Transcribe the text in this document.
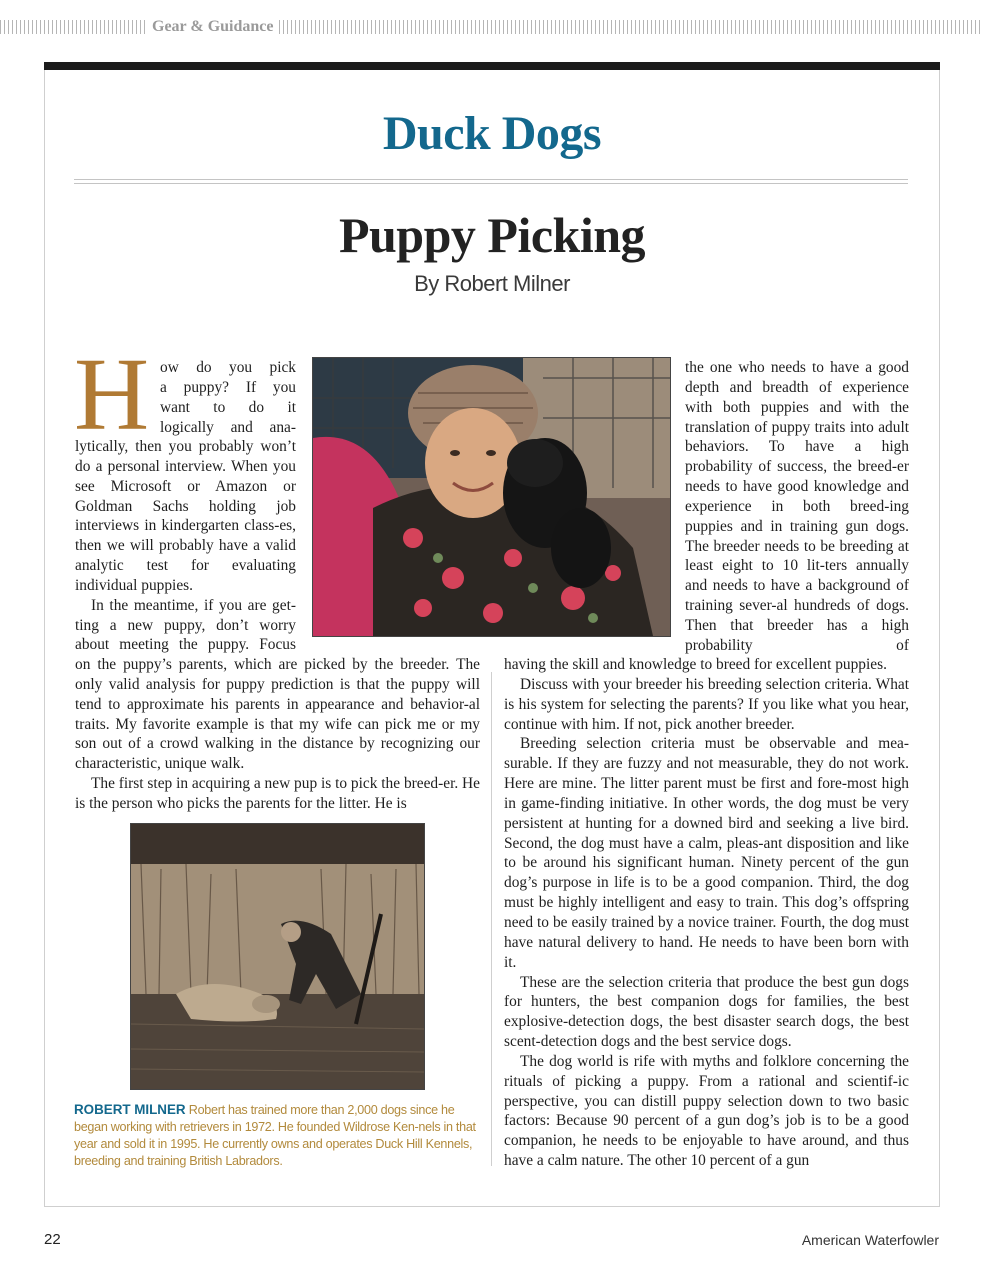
Gear & Guidance
Duck Dogs
Puppy Picking
By Robert Milner
H ow do you pick

a puppy? If you

want to do it

logically and ana-

lytically, then you probably won’t do a personal interview. When you see Microsoft or Amazon or Goldman Sachs holding job interviews in kindergarten class-es, then we will probably have a valid analytic test for evaluating individual puppies.

In the meantime, if you are get-ting a new puppy, don’t worry about meeting the puppy. Focus

on the puppy’s parents, which are picked by the breeder. The only valid analysis for puppy prediction is that the puppy will tend to approximate his parents in appearance and behavior-al traits. My favorite example is that my wife can pick me or my son out of a crowd walking in the distance by recognizing our characteristic, unique walk.

The first step in acquiring a new pup is to pick the breed-er. He is the person who picks the parents for the litter. He is

ROBERT MILNER Robert has trained more than 2,000 dogs since he began working with retrievers in 1972. He founded Wildrose Ken-nels in that year and sold it in 1995. He currently owns and operates Duck Hill Kennels, breeding and training British Labradors.

the one who needs to have a good depth and breadth of experience with both puppies and with the translation of puppy traits into adult behaviors. To have a high probability of success, the breed-er needs to have good knowledge and experience in both breed-ing puppies and in training gun dogs. The breeder needs to be breeding at least eight to 10 lit-ters annually and needs to have a background of training sever-al hundreds of dogs. Then that breeder has a high probability of

having the skill and knowledge to breed for excellent puppies.

Discuss with your breeder his breeding selection criteria. What is his system for selecting the parents? If you like what you hear, continue with him. If not, pick another breeder.

Breeding selection criteria must be observable and mea-surable. If they are fuzzy and not measurable, they do not work. Here are mine. The litter parent must be first and fore-most high in game-finding initiative. In other words, the dog must be very persistent at hunting for a downed bird and seeking a live bird. Second, the dog must have a calm, pleas-ant disposition and like to be around his significant human. Ninety percent of the gun dog’s purpose in life is to be a good companion. Third, the dog must be highly intelligent and easy to train. This dog’s offspring need to be easily trained by a novice trainer. Fourth, the dog must have natural delivery to hand. He needs to have been born with it.

These are the selection criteria that produce the best gun dogs for hunters, the best companion dogs for families, the best explosive-detection dogs, the best disaster search dogs, the best scent-detection dogs and the best service dogs.

The dog world is rife with myths and folklore concerning the rituals of picking a puppy. From a rational and scientif-ic perspective, you can distill puppy selection down to two basic factors: Because 90 percent of a gun dog’s job is to be a good companion, he needs to be enjoyable to have around, and thus have a calm nature. The other 10 percent of a gun

22	American Waterfowler
